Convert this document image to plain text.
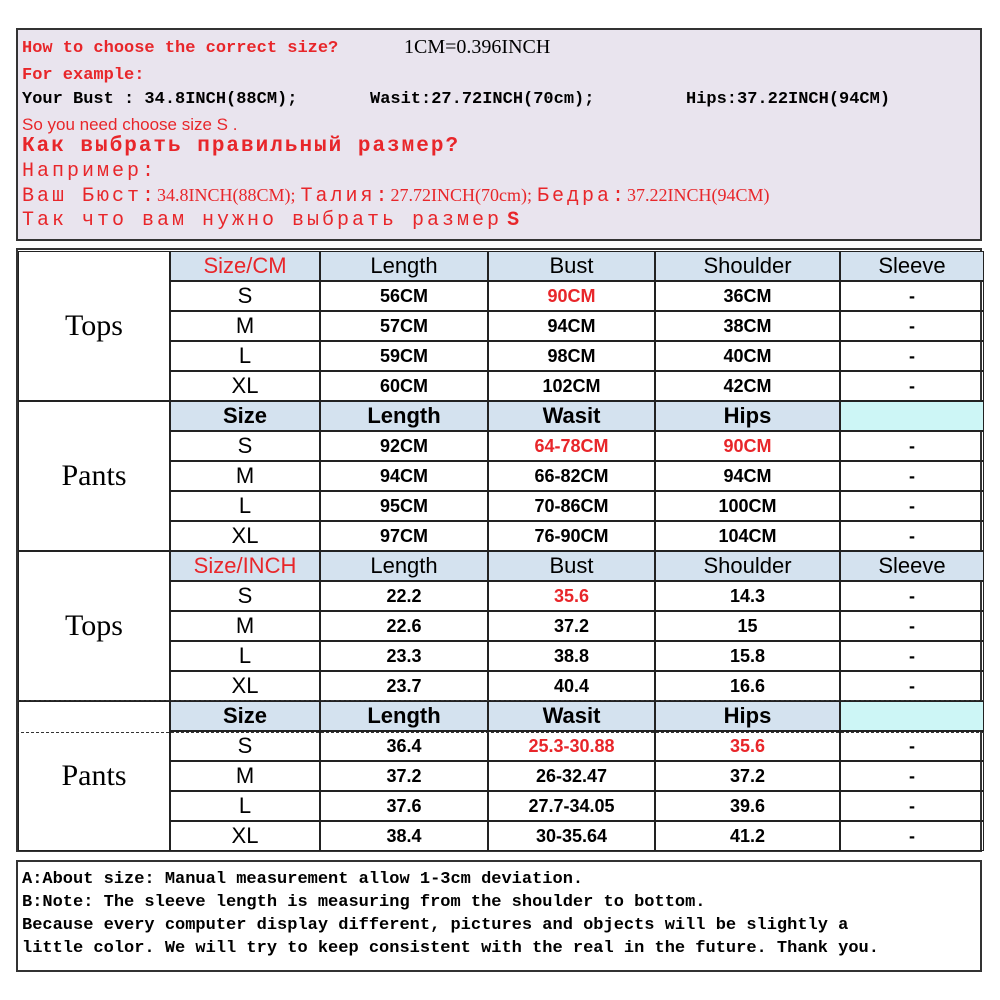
How to choose the correct size?	1CM=0.396INCH
For example:
Your Bust : 34.8INCH(88CM);	Wasit:27.72INCH(70cm);	Hips:37.22INCH(94CM)
So you need choose size S .
Как выбрать правильный размер?
Например:
Ваш Бюст:34.8INCH(88CM); Талия:27.72INCH(70cm); Бедра:37.22INCH(94CM)
Так что вам нужно выбрать размер S
Tops
Size/CM	Length	Bust	Shoulder	Sleeve
S	56CM	90CM	36CM	-
M	57CM	94CM	38CM	-
L	59CM	98CM	40CM	-
XL	60CM	102CM	42CM	-
Pants
Size	Length	Wasit	Hips
S	92CM	64-78CM	90CM	-
M	94CM	66-82CM	94CM	-
L	95CM	70-86CM	100CM	-
XL	97CM	76-90CM	104CM	-
Tops
Size/INCH	Length	Bust	Shoulder	Sleeve
S	22.2	35.6	14.3	-
M	22.6	37.2	15	-
L	23.3	38.8	15.8	-
XL	23.7	40.4	16.6	-
Pants
Size	Length	Wasit	Hips
S	36.4	25.3-30.88	35.6	-
M	37.2	26-32.47	37.2	-
L	37.6	27.7-34.05	39.6	-
XL	38.4	30-35.64	41.2	-
A:About size: Manual measurement allow 1-3cm deviation.
B:Note: The sleeve length is measuring from the shoulder to bottom.
Because every computer display different, pictures and objects will be slightly a
little color. We will try to keep consistent with the real in the future. Thank you.
